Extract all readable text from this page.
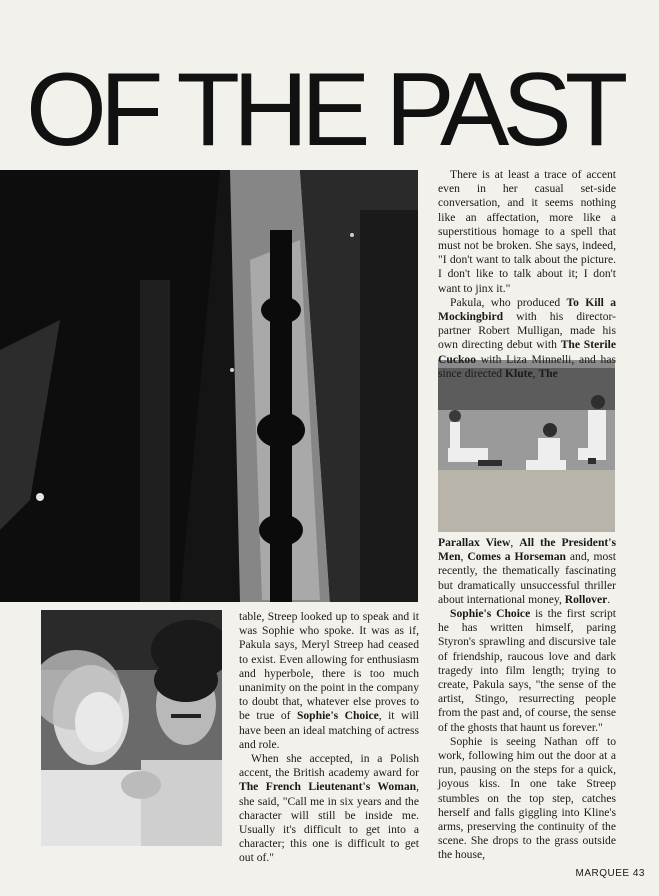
OF THE PAST

There is at least a trace of accent even in her casual set-side conversation, and it seems nothing like an affectation, more like a superstitious homage to a spell that must not be broken. She says, indeed, "I don't want to talk about the picture. I don't like to talk about it; I don't want to jinx it."

Pakula, who produced To Kill a Mockingbird with his director-partner Robert Mulligan, made his own directing debut with The Sterile Cuckoo with Liza Minnelli, and has since directed Klute, The

Parallax View, All the President's Men, Comes a Horseman and, most recently, the thematically fascinating but dramatically unsuccessful thriller about international money, Rollover.

Sophie's Choice is the first script he has written himself, paring Styron's sprawling and discursive tale of friendship, raucous love and dark tragedy into film length; trying to create, Pakula says, "the sense of the artist, Stingo, resurrecting people from the past and, of course, the sense of the ghosts that haunt us forever."

Sophie is seeing Nathan off to work, following him out the door at a run, pausing on the steps for a quick, joyous kiss. In one take Streep stumbles on the top step, catches herself and falls giggling into Kline's arms, preserving the continuity of the scene. She drops to the grass outside the house,

table, Streep looked up to speak and it was Sophie who spoke. It was as if, Pakula says, Meryl Streep had ceased to exist. Even allowing for enthusiasm and hyperbole, there is too much unanimity on the point in the company to doubt that, whatever else proves to be true of Sophie's Choice, it will have been an ideal matching of actress and role.

When she accepted, in a Polish accent, the British academy award for The French Lieutenant's Woman, she said, "Call me in six years and the character will still be inside me. Usually it's difficult to get into a character; this one is difficult to get out of."

MARQUEE 43
